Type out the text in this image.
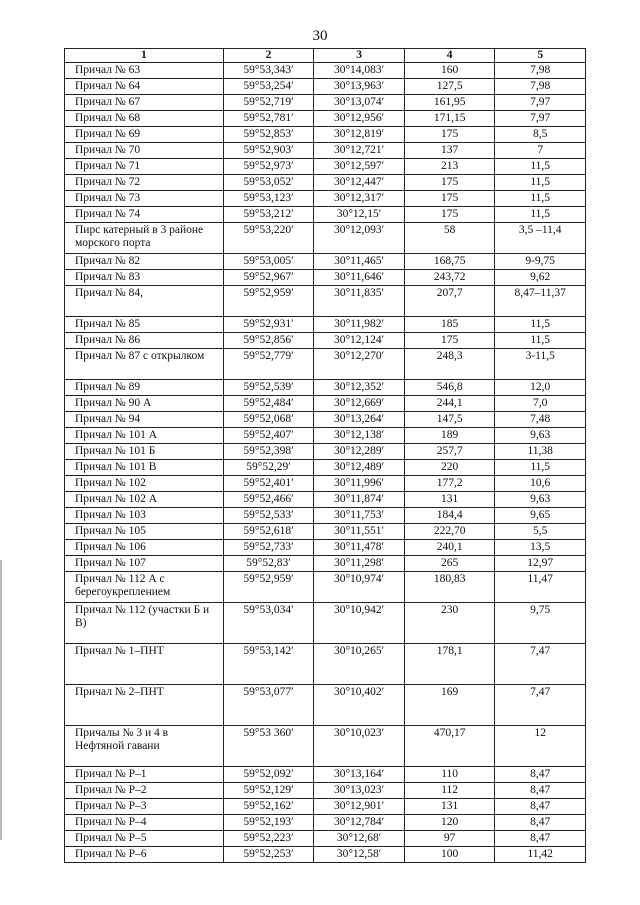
30
1	2	3	4	5
Причал № 63	59°53,343′	30°14,083′	160	7,98
Причал № 64	59°53,254′	30°13,963′	127,5	7,98
Причал № 67	59°52,719′	30°13,074′	161,95	7,97
Причал № 68	59°52,781′	30°12,956′	171,15	7,97
Причал № 69	59°52,853′	30°12,819′	175	8,5
Причал № 70	59°52,903′	30°12,721′	137	7
Причал № 71	59°52,973′	30°12,597′	213	11,5
Причал № 72	59°53,052′	30°12,447′	175	11,5
Причал № 73	59°53,123′	30°12,317′	175	11,5
Причал № 74	59°53,212′	30°12,15′	175	11,5
Пирс катерный в 3 районе морского порта	59°53,220′	30°12,093′	58	3,5 –11,4
Причал № 82	59°53,005′	30°11,465′	168,75	9-9,75
Причал № 83	59°52,967′	30°11,646′	243,72	9,62
Причал № 84,	59°52,959′	30°11,835′	207,7	8,47–11,37
Причал № 85	59°52,931′	30°11,982′	185	11,5
Причал № 86	59°52,856′	30°12,124′	175	11,5
Причал № 87 с открылком	59°52,779′	30°12,270′	248,3	3-11,5
Причал № 89	59°52,539′	30°12,352′	546,8	12,0
Причал № 90 А	59°52,484′	30°12,669′	244,1	7,0
Причал № 94	59°52,068′	30°13,264′	147,5	7,48
Причал № 101 А	59°52,407′	30°12,138′	189	9,63
Причал № 101 Б	59°52,398′	30°12,289′	257,7	11,38
Причал № 101 В	59°52,29′	30°12,489′	220	11,5
Причал № 102	59°52,401′	30°11,996′	177,2	10,6
Причал № 102 А	59°52,466′	30°11,874′	131	9,63
Причал № 103	59°52,533′	30°11,753′	184,4	9,65
Причал № 105	59°52,618′	30°11,551′	222,70	5,5
Причал № 106	59°52,733′	30°11,478′	240,1	13,5
Причал № 107	59°52,83′	30°11,298′	265	12,97
Причал № 112 А с берегоукреплением	59°52,959′	30°10,974′	180,83	11,47
Причал № 112 (участки Б и В)	59°53,034′	30°10,942′	230	9,75
Причал № 1–ПНТ	59°53,142′	30°10,265′	178,1	7,47
Причал № 2–ПНТ	59°53,077′	30°10,402′	169	7,47
Причалы № 3 и 4 в Нефтяной гавани	59°53 360′	30°10,023′	470,17	12
Причал № Р–1	59°52,092′	30°13,164′	110	8,47
Причал № Р–2	59°52,129′	30°13,023′	112	8,47
Причал № Р–3	59°52,162′	30°12,901′	131	8,47
Причал № Р–4	59°52,193′	30°12,784′	120	8,47
Причал № Р–5	59°52,223′	30°12,68′	97	8,47
Причал № Р–6	59°52,253′	30°12,58′	100	11,42
